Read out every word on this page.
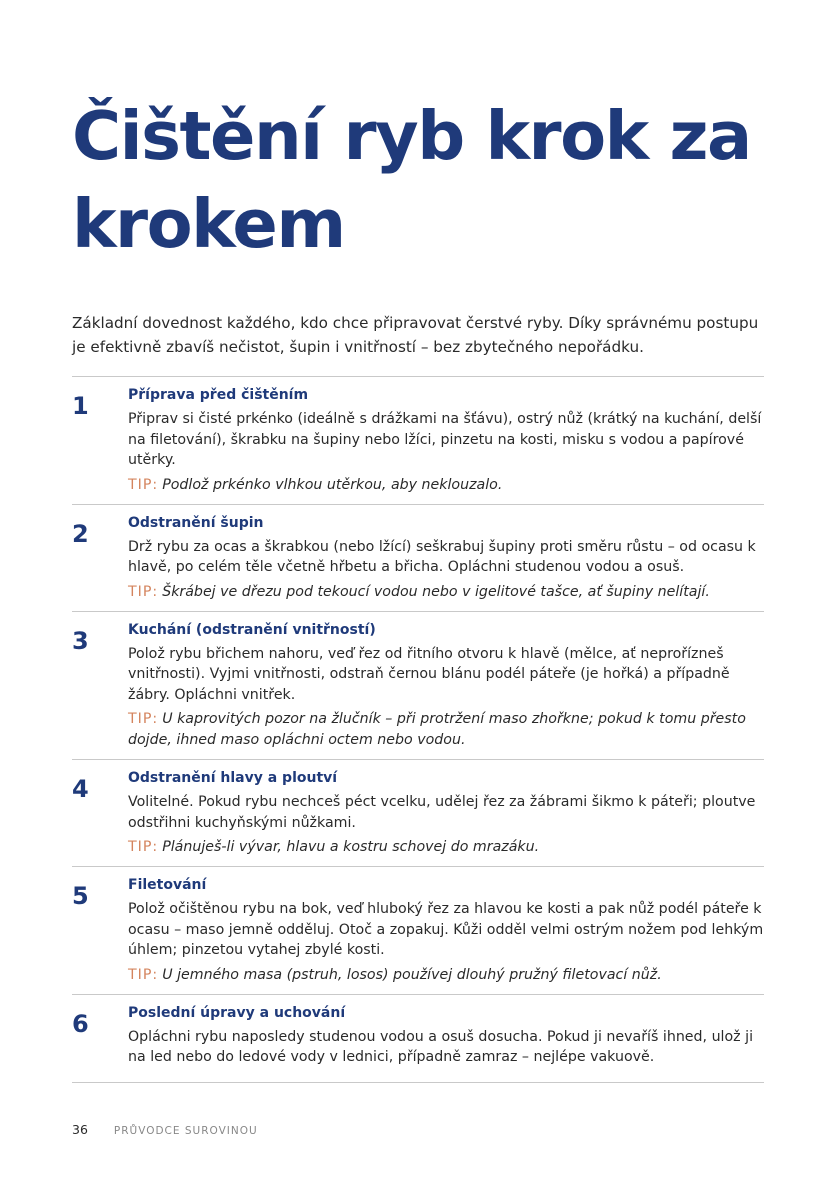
Čištění ryb krok za krokem

Základní dovednost každého, kdo chce připravovat čerstvé ryby. Díky správnému postupu je efektivně zbavíš nečistot, šupin i vnitřností – bez zbytečného nepořádku.

1	Příprava před čištěním

Připrav si čisté prkénko (ideálně s drážkami na šťávu), ostrý nůž (krátký na kuchání, delší na filetování), škrabku na šupiny nebo lžíci, pinzetu na kosti, misku s vodou a papírové utěrky.

TIP: Podlož prkénko vlhkou utěrkou, aby neklouzalo.

2	Odstranění šupin

Drž rybu za ocas a škrabkou (nebo lžící) seškrabuj šupiny proti směru růstu – od ocasu k hlavě, po celém těle včetně hřbetu a břicha. Opláchni studenou vodou a osuš.

TIP: Škrábej ve dřezu pod tekoucí vodou nebo v igelitové tašce, ať šupiny nelítají.

3	Kuchání (odstranění vnitřností)

Polož rybu břichem nahoru, veď řez od řitního otvoru k hlavě (mělce, ať neprořízneš vnitřnosti). Vyjmi vnitřnosti, odstraň černou blánu podél páteře (je hořká) a případně žábry. Opláchni vnitřek.

TIP: U kaprovitých pozor na žlučník – při protržení maso zhořkne; pokud k tomu přesto dojde, ihned maso opláchni octem nebo vodou.

4	Odstranění hlavy a ploutví

Volitelné. Pokud rybu nechceš péct vcelku, udělej řez za žábrami šikmo k páteři; ploutve odstřihni kuchyňskými nůžkami.

TIP: Plánuješ-li vývar, hlavu a kostru schovej do mrazáku.

5	Filetování

Polož očištěnou rybu na bok, veď hluboký řez za hlavou ke kosti a pak nůž podél páteře k ocasu – maso jemně odděluj. Otoč a zopakuj. Kůži odděl velmi ostrým nožem pod lehkým úhlem; pinzetou vytahej zbylé kosti.

TIP: U jemného masa (pstruh, losos) používej dlouhý pružný filetovací nůž.

6	Poslední úpravy a uchování

Opláchni rybu naposledy studenou vodou a osuš dosucha. Pokud ji nevaříš ihned, ulož ji na led nebo do ledové vody v lednici, případně zamraz – nejlépe vakuově.

36 PRŮVODCE SUROVINOU
